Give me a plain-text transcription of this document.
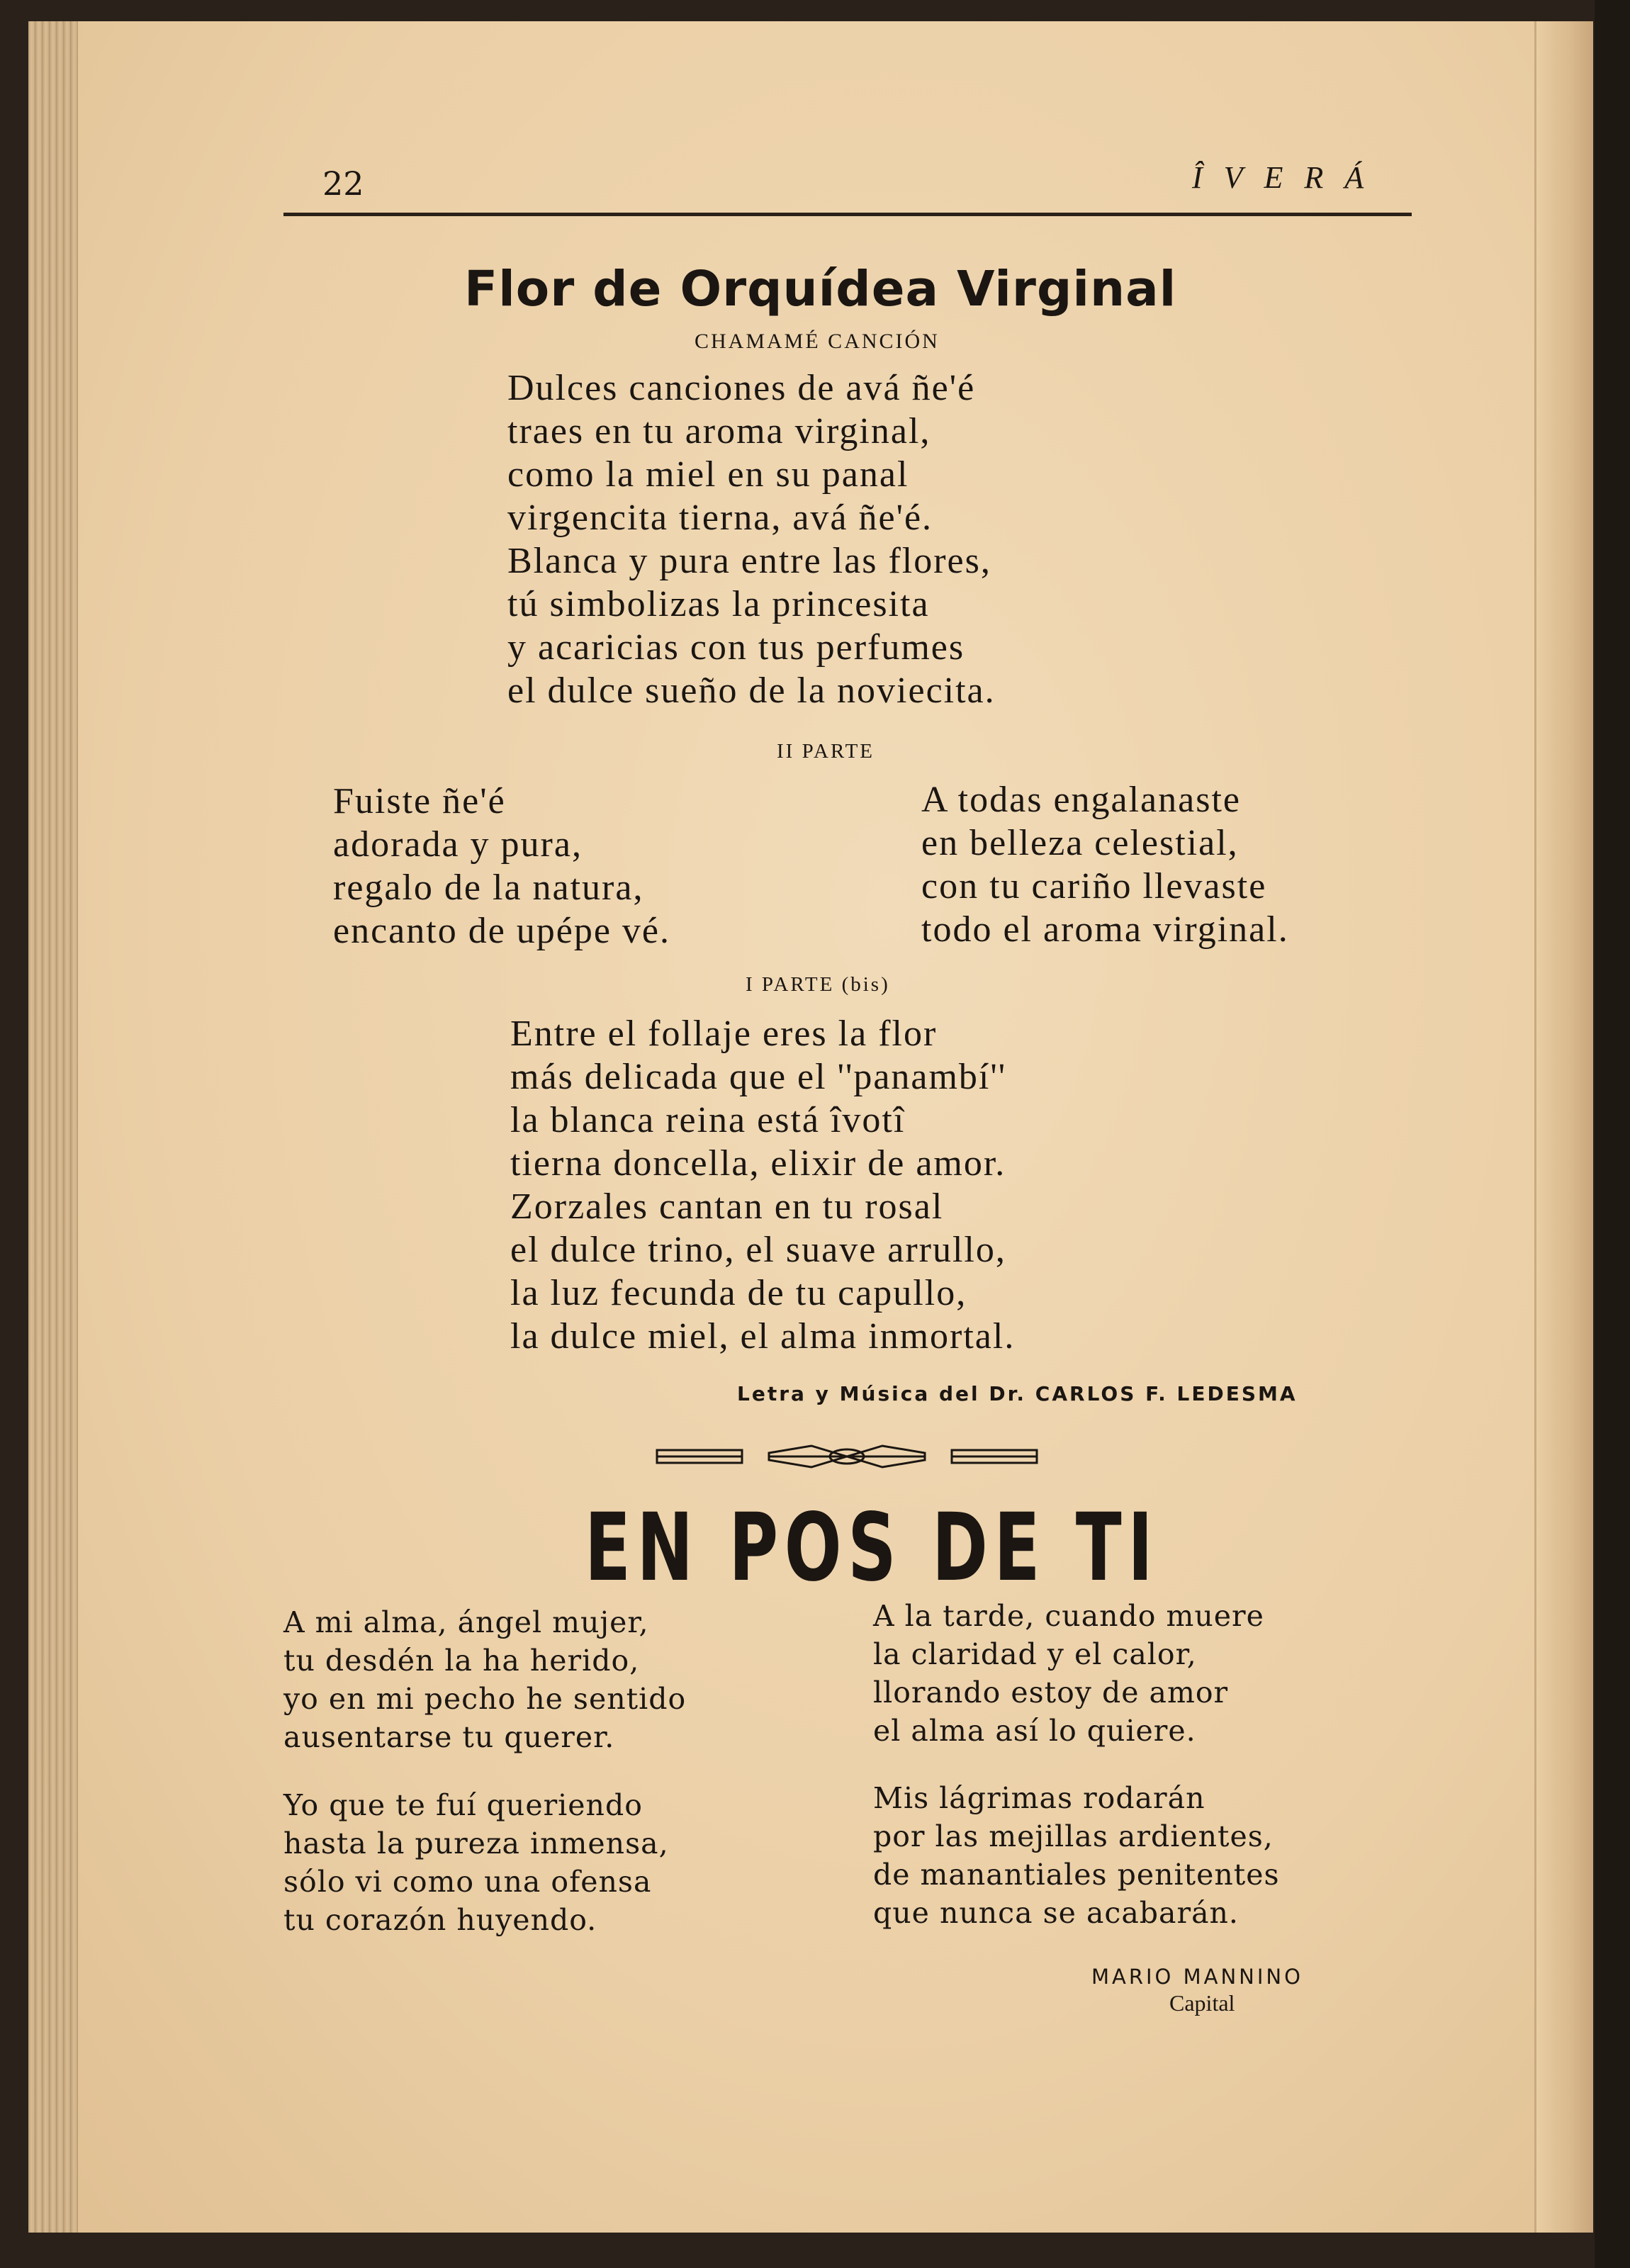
22	ÎVERÁ
Flor de Orquídea Virginal
CHAMAMÉ CANCIÓN
Dulces canciones de avá ñe'é
traes en tu aroma virginal,
como la miel en su panal
virgencita tierna, avá ñe'é.
Blanca y pura entre las flores,
tú simbolizas la princesita
y acaricias con tus perfumes
el dulce sueño de la noviecita.
II PARTE
Fuiste ñe'é
adorada y pura,
regalo de la natura,
encanto de upépe vé.
A todas engalanaste
en belleza celestial,
con tu cariño llevaste
todo el aroma virginal.
I PARTE (bis)
Entre el follaje eres la flor
más delicada que el ''panambí''
la blanca reina está îvotî
tierna doncella, elixir de amor.
Zorzales cantan en tu rosal
el dulce trino, el suave arrullo,
la luz fecunda de tu capullo,
la dulce miel, el alma inmortal.
Letra y Música del Dr. CARLOS F. LEDESMA
EN POS DE TI
A mi alma, ángel mujer,
tu desdén la ha herido,
yo en mi pecho he sentido
ausentarse tu querer.
Yo que te fuí queriendo
hasta la pureza inmensa,
sólo vi como una ofensa
tu corazón huyendo.
A la tarde, cuando muere
la claridad y el calor,
llorando estoy de amor
el alma así lo quiere.
Mis lágrimas rodarán
por las mejillas ardientes,
de manantiales penitentes
que nunca se acabarán.
MARIO MANNINO
Capital
